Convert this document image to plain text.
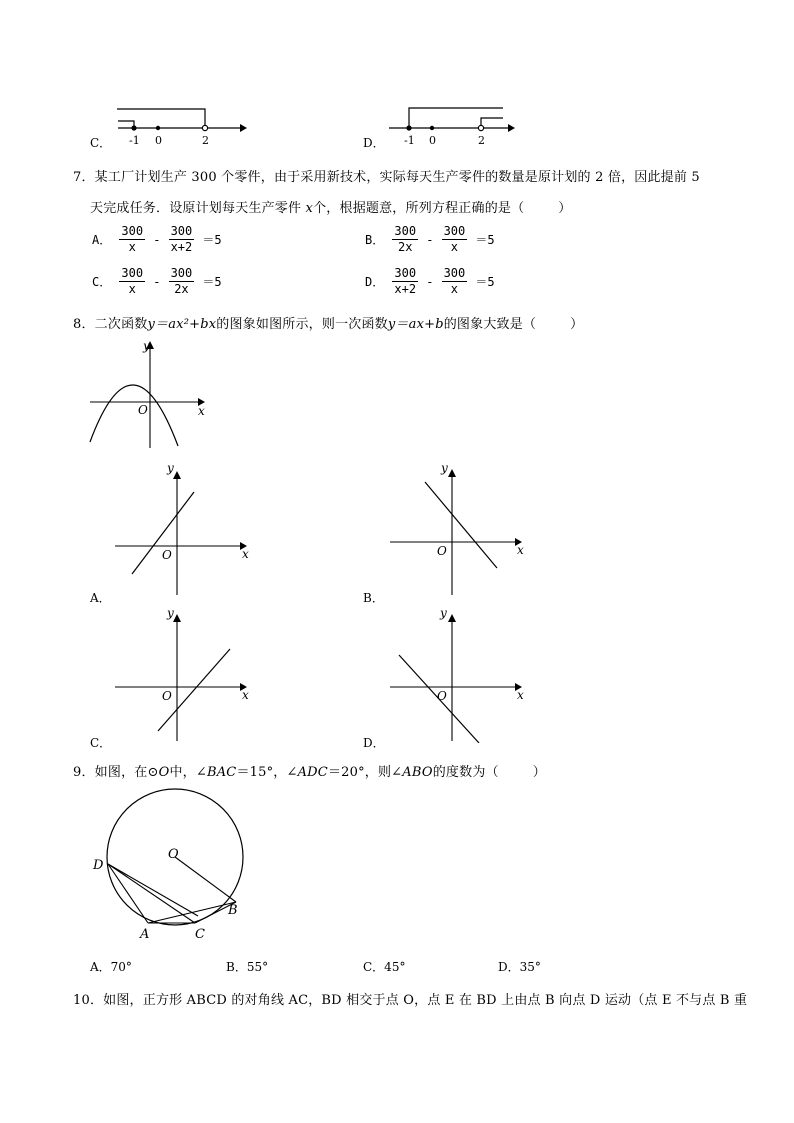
C． -1 0	2	D． -1 0	2
7．某工厂计划生产 300 个零件，由于采用新技术，实际每天生产零件的数量是原计划的 2 倍，因此提前 5
天完成任务．设原计划每天生产零件 x个，根据题意，所列方程正确的是（	）
A． $\frac{300}{x} - \frac{300}{x+2} =5$	B． $\frac{300}{2x} - \frac{300}{x} =5$
C． $\frac{300}{x} - \frac{300}{2x} =5$	D． $\frac{300}{x+2} - \frac{300}{x} =5$
8．二次函数y＝ax²+bx的图象如图所示，则一次函数y＝ax+b的图象大致是（	）
y
x
O
y
x
O
A．
y
x
O
B．
y
x
O
C．
y
x
O
D．
9．如图，在⊙O中，∠BAC＝15°，∠ADC＝20°，则∠ABO的度数为（	）
O
D
A	C
B
A．70°	B．55°	C．45°	D．35°
10．如图，正方形 ABCD 的对角线 AC，BD 相交于点 O，点 E 在 BD 上由点 B 向点 D 运动（点 E 不与点 B 重
